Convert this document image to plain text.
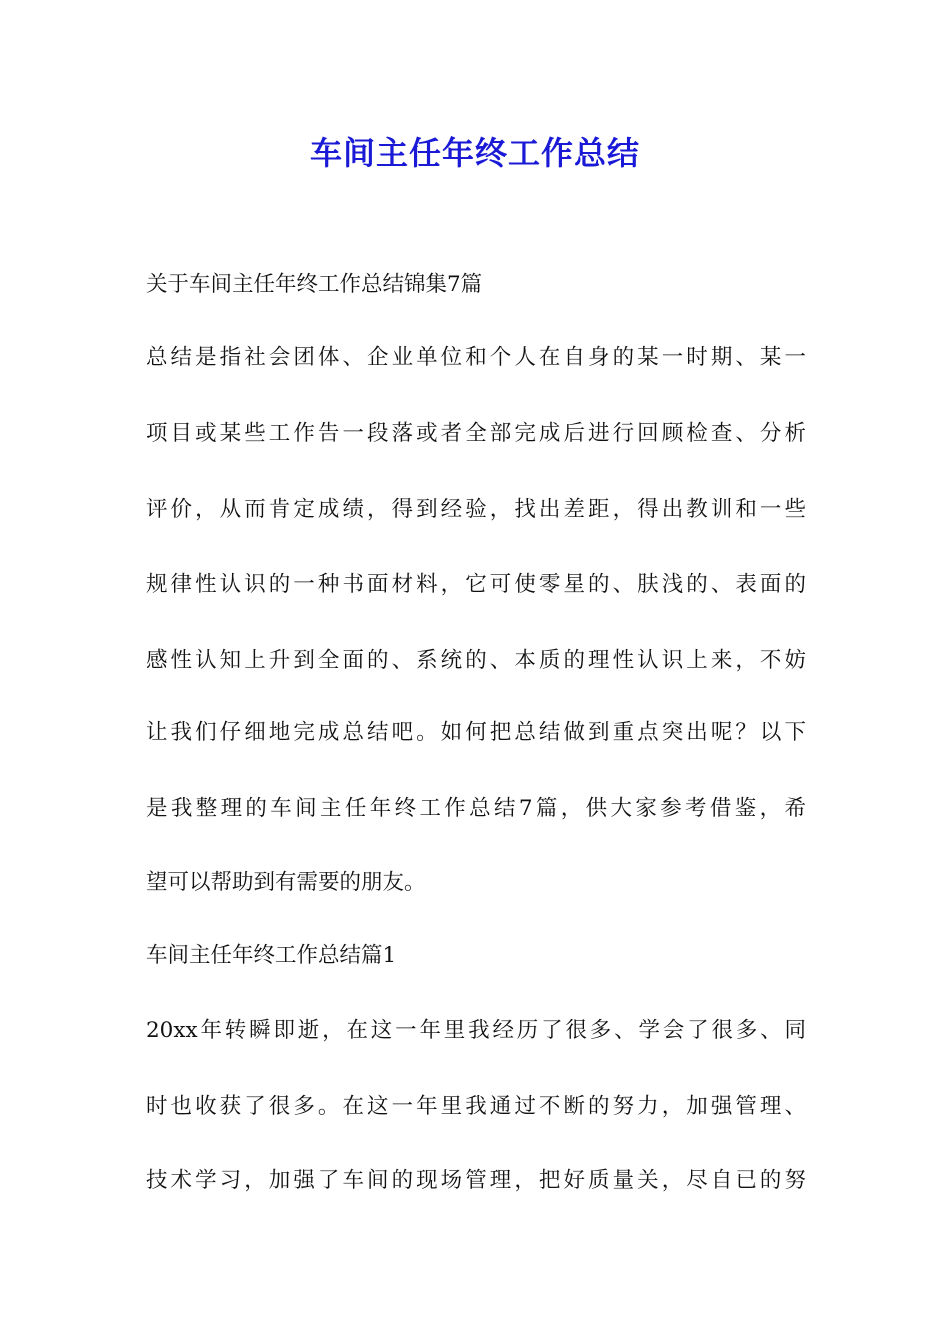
车间主任年终工作总结

关于车间主任年终工作总结锦集7篇

总结是指社会团体、企业单位和个人在自身的某一时期、某一

项目或某些工作告一段落或者全部完成后进行回顾检查、分析

评价，从而肯定成绩，得到经验，找出差距，得出教训和一些

规律性认识的一种书面材料，它可使零星的、肤浅的、表面的

感性认知上升到全面的、系统的、本质的理性认识上来，不妨

让我们仔细地完成总结吧。如何把总结做到重点突出呢？以下

是我整理的车间主任年终工作总结7篇，供大家参考借鉴，希

望可以帮助到有需要的朋友。

车间主任年终工作总结篇1

20xx年转瞬即逝，在这一年里我经历了很多、学会了很多、同

时也收获了很多。在这一年里我通过不断的努力，加强管理、

技术学习，加强了车间的现场管理，把好质量关，尽自已的努
